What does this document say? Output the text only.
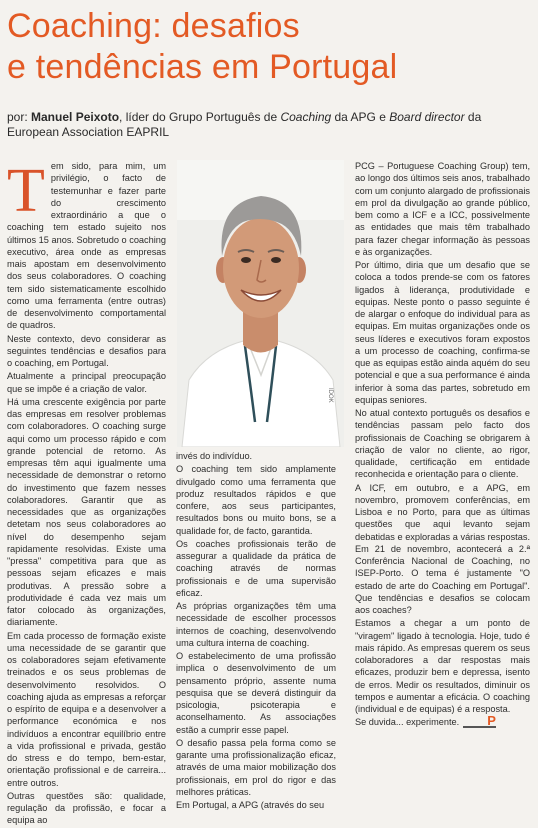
Coaching: desafios
e tendências em Portugal
por: Manuel Peixoto, líder do Grupo Português de Coaching da APG e Board director da European Association EAPRIL
T em sido, para mim, um privilégio, o facto de testemunhar e fazer parte do crescimento extraordinário a que o coaching tem estado sujeito nos últimos 15 anos. Sobretudo o coaching executivo, área onde as empresas mais apostam em desenvolvimento dos seus colaboradores. O coaching tem sido sistematicamente escolhido como uma ferramenta (entre outras) de desenvolvimento comportamental de quadros.

Neste contexto, devo considerar as seguintes tendências e desafios para o coaching, em Portugal.

Atualmente a principal preocupação que se impõe é a criação de valor.

Há uma crescente exigência por parte das empresas em resolver problemas com colaboradores. O coaching surge aqui como um processo rápido e com grande potencial de retorno. As empresas têm aqui igualmente uma necessidade de demonstrar o retorno do investimento que fazem nesses colaboradores. Garantir que as necessidades que as organizações detetam nos seus colaboradores ao nível do desempenho sejam rapidamente resolvidas. Existe uma "pressa" competitiva para que as pessoas sejam eficazes e mais produtivas. A pressão sobre a produtividade é cada vez mais um fator colocado às organizações, diariamente.

Em cada processo de formação existe uma necessidade de se garantir que os colaboradores sejam efetivamente treinados e os seus problemas de desenvolvimento resolvidos. O coaching ajuda as empresas a reforçar o espírito de equipa e a desenvolver a performance económica e nos indivíduos a encontrar equilíbrio entre a vida profissional e privada, gestão do stress e do tempo, bem-estar, orientação profissional e de carreira... entre outros.

Outras questões são: qualidade, regulação da profissão, e focar a equipa ao

IDOK

invés do indivíduo.

O coaching tem sido amplamente divulgado como uma ferramenta que produz resultados rápidos e que confere, aos seus participantes, resultados bons ou muito bons, se a qualidade for, de facto, garantida.

Os coaches profissionais terão de assegurar a qualidade da prática de coaching através de normas profissionais e de uma supervisão eficaz.

As próprias organizações têm uma necessidade de escolher processos internos de coaching, desenvolvendo uma cultura interna de coaching.

O estabelecimento de uma profissão implica o desenvolvimento de um pensamento próprio, assente numa pesquisa que se deverá distinguir da psicologia, psicoterapia e aconselhamento. As associações estão a cumprir esse papel.

O desafio passa pela forma como se garante uma profissionalização eficaz, através de uma maior mobilização dos profissionais, em prol do rigor e das melhores práticas.

Em Portugal, a APG (através do seu

PCG – Portuguese Coaching Group) tem, ao longo dos últimos seis anos, trabalhado com um conjunto alargado de profissionais em prol da divulgação ao grande público, bem como a ICF e a ICC, possivelmente as entidades que mais têm trabalhado para fazer chegar informação às pessoas e às organizações.

Por último, diria que um desafio que se coloca a todos prende-se com os fatores ligados à liderança, produtividade e equipas. Neste ponto o passo seguinte é de alargar o enfoque do individual para as equipas. Em muitas organizações onde os seus líderes e executivos foram expostos a um processo de coaching, confirma-se que as equipas estão ainda aquém do seu potencial e que a sua performance é ainda inferior à soma das partes, sobretudo em equipas seniores.

No atual contexto português os desafios e tendências passam pelo facto dos profissionais de Coaching se obrigarem à criação de valor no cliente, ao rigor, qualidade, certificação em entidade reconhecida e orientação para o cliente.

A ICF, em outubro, e a APG, em novembro, promovem conferências, em Lisboa e no Porto, para que as últimas questões que aqui levanto sejam debatidas e exploradas a várias respostas. Em 21 de novembro, acontecerá a 2.ª Conferência Nacional de Coaching, no ISEP-Porto. O tema é justamente "O estado de arte do Coaching em Portugal". Que tendências e desafios se colocam aos coaches?

Estamos a chegar a um ponto de "viragem" ligado à tecnologia. Hoje, tudo é mais rápido. As empresas querem os seus colaboradores a dar respostas mais eficazes, produzir bem e depressa, isento de erros. Medir os resultados, diminuir os tempos e aumentar a eficácia. O coaching (individual e de equipas) é a resposta.

Se duvida... experimente. P
